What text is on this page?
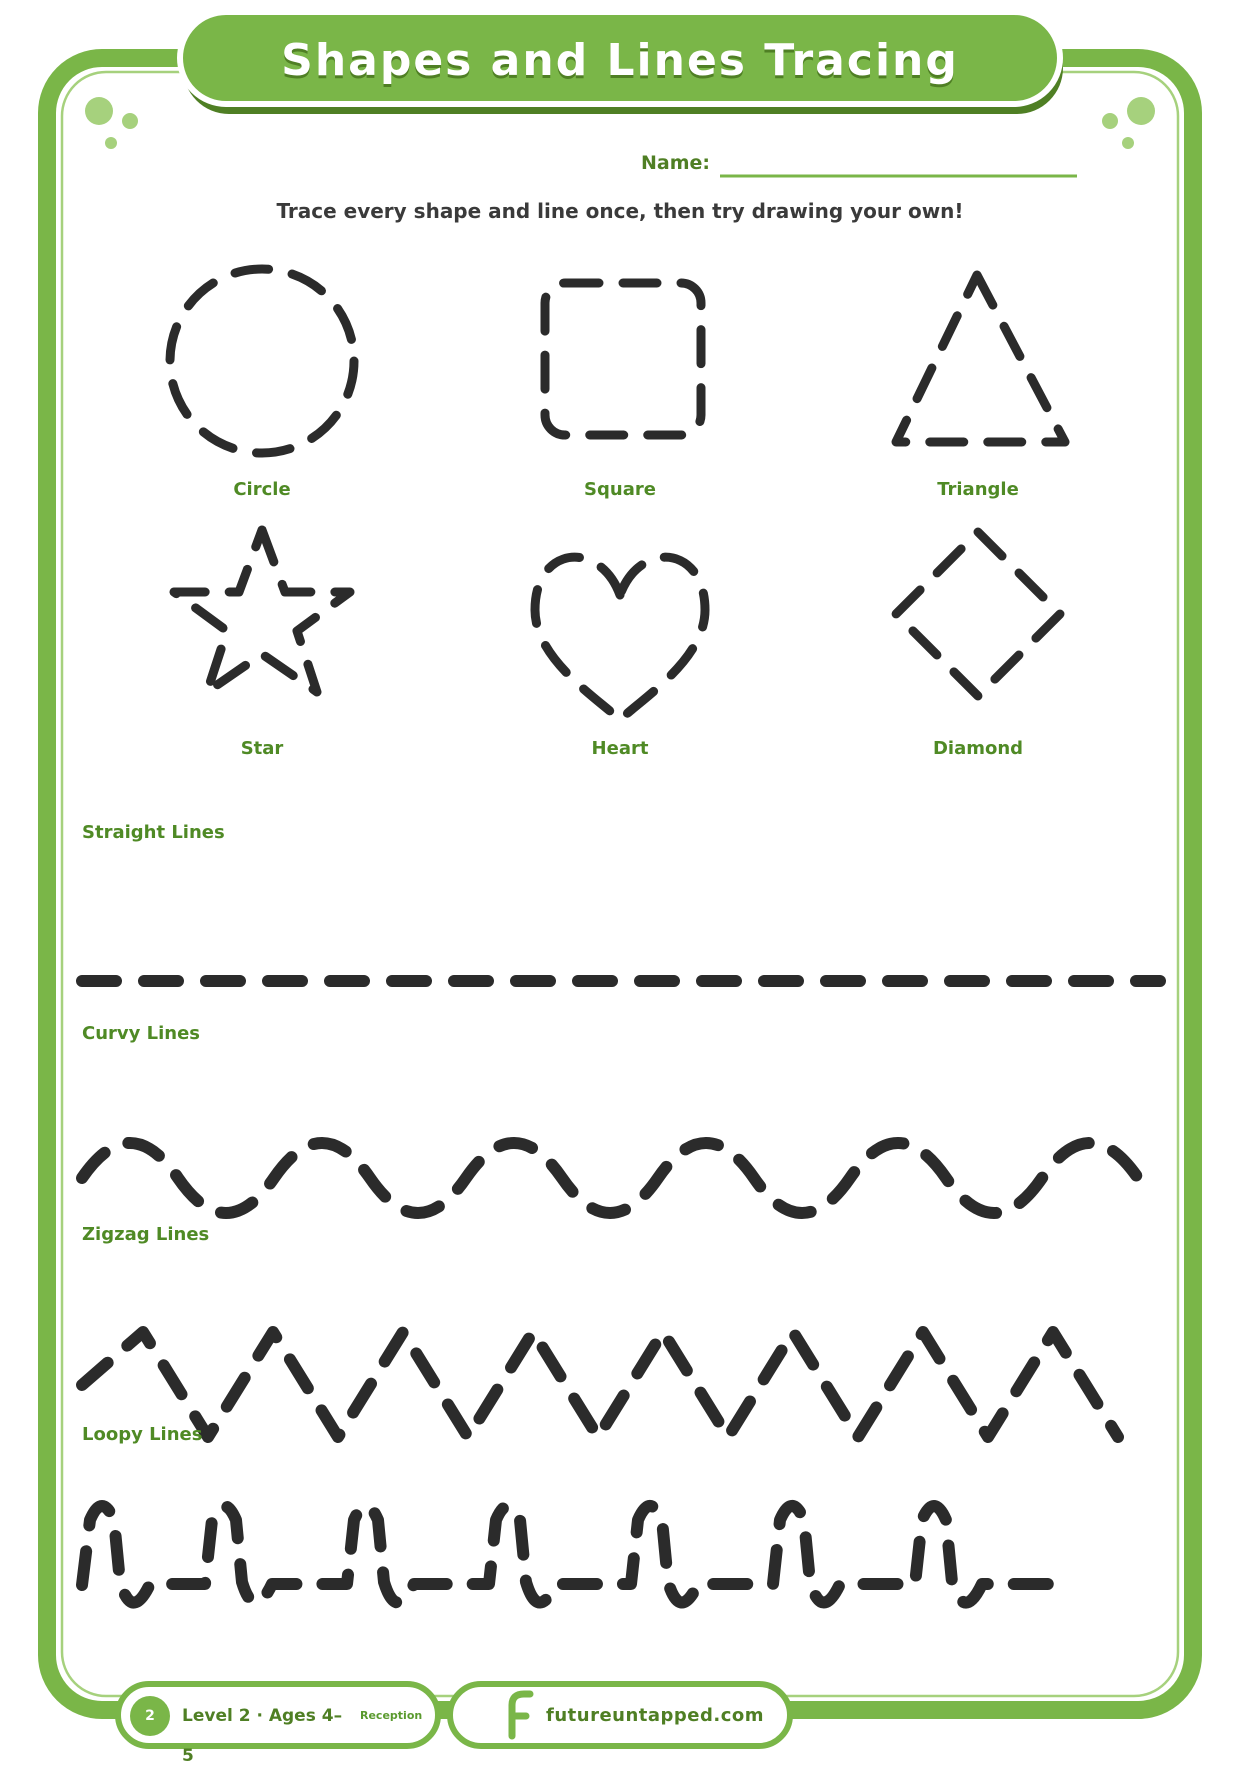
Shapes and Lines Tracing
Name:
Trace every shape and line once, then try drawing your own!
Circle	Square	Triangle
Star	Heart	Diamond
Straight Lines
Curvy Lines
Zigzag Lines
Loopy Lines
2	Level 2 · Ages 4–5
Reception	futureuntapped.com
